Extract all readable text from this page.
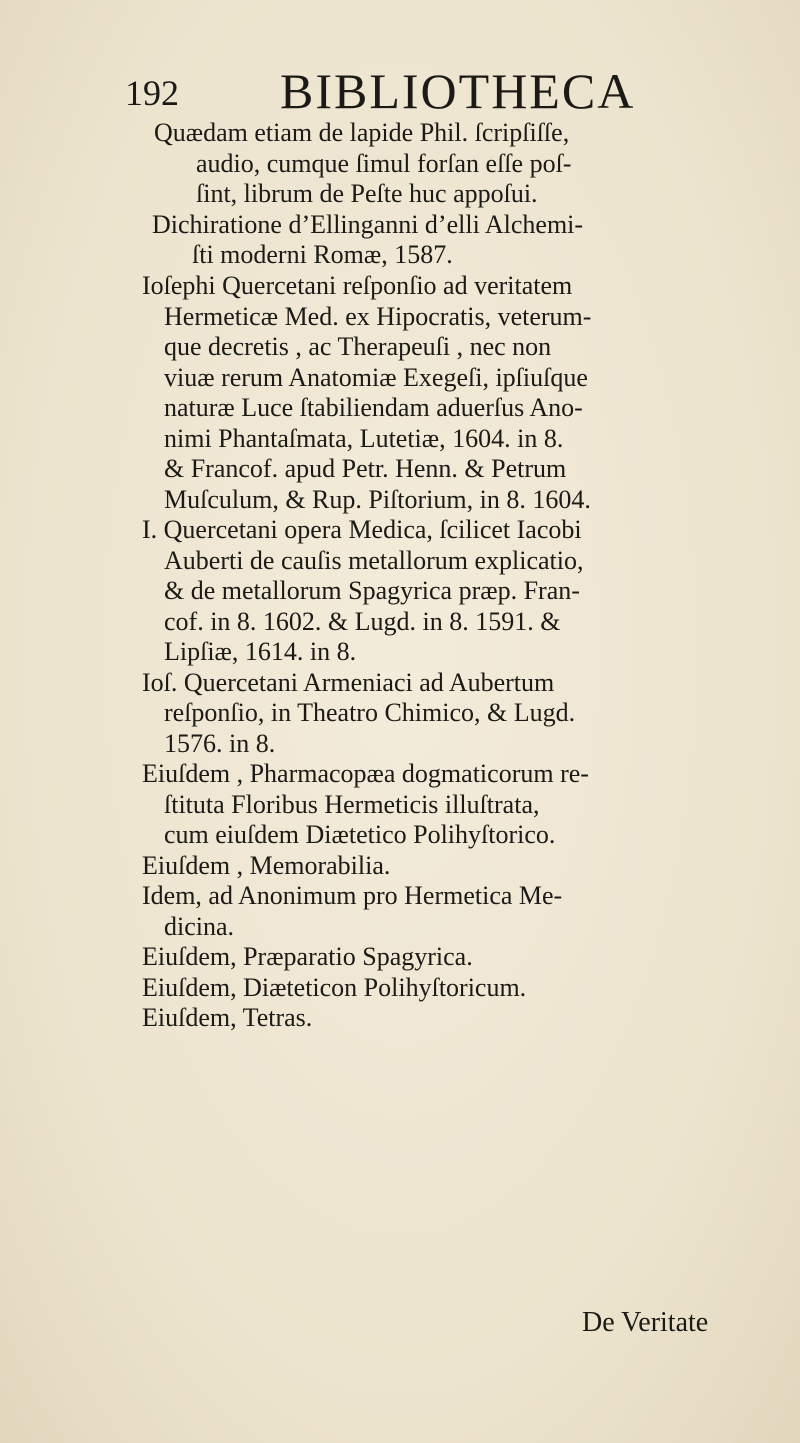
192 BIBLIOTHECA
Quædam etiam de lapide Phil. ſcripſiſſe,
audio, cumque ſimul forſan eſſe poſ-
ſint, librum de Peſte huc appoſui.
Dichiratione d’Ellinganni d’elli Alchemi-
ſti moderni Romæ, 1587.
Ioſephi Quercetani reſponſio ad veritatem
Hermeticæ Med. ex Hipocratis, veterum-
que decretis , ac Therapeuſi , nec non
viuæ rerum Anatomiæ Exegeſi, ipſiuſque
naturæ Luce ſtabiliendam aduerſus Ano-
nimi Phantaſmata, Lutetiæ, 1604. in 8.
& Francof. apud Petr. Henn. & Petrum
Muſculum, & Rup. Piſtorium, in 8. 1604.
I. Quercetani opera Medica, ſcilicet Iacobi
Auberti de cauſis metallorum explicatio,
& de metallorum Spagyrica præp. Fran-
cof. in 8. 1602. & Lugd. in 8. 1591. &
Lipſiæ, 1614. in 8.
Ioſ. Quercetani Armeniaci ad Aubertum
reſponſio, in Theatro Chimico, & Lugd.
1576. in 8.
Eiuſdem , Pharmacopæa dogmaticorum re-
ſtituta Floribus Hermeticis illuſtrata,
cum eiuſdem Diætetico Polihyſtorico.
Eiuſdem , Memorabilia.
Idem, ad Anonimum pro Hermetica Me-
dicina.
Eiuſdem, Præparatio Spagyrica.
Eiuſdem, Diæteticon Polihyſtoricum.
Eiuſdem, Tetras.
De Veritate
